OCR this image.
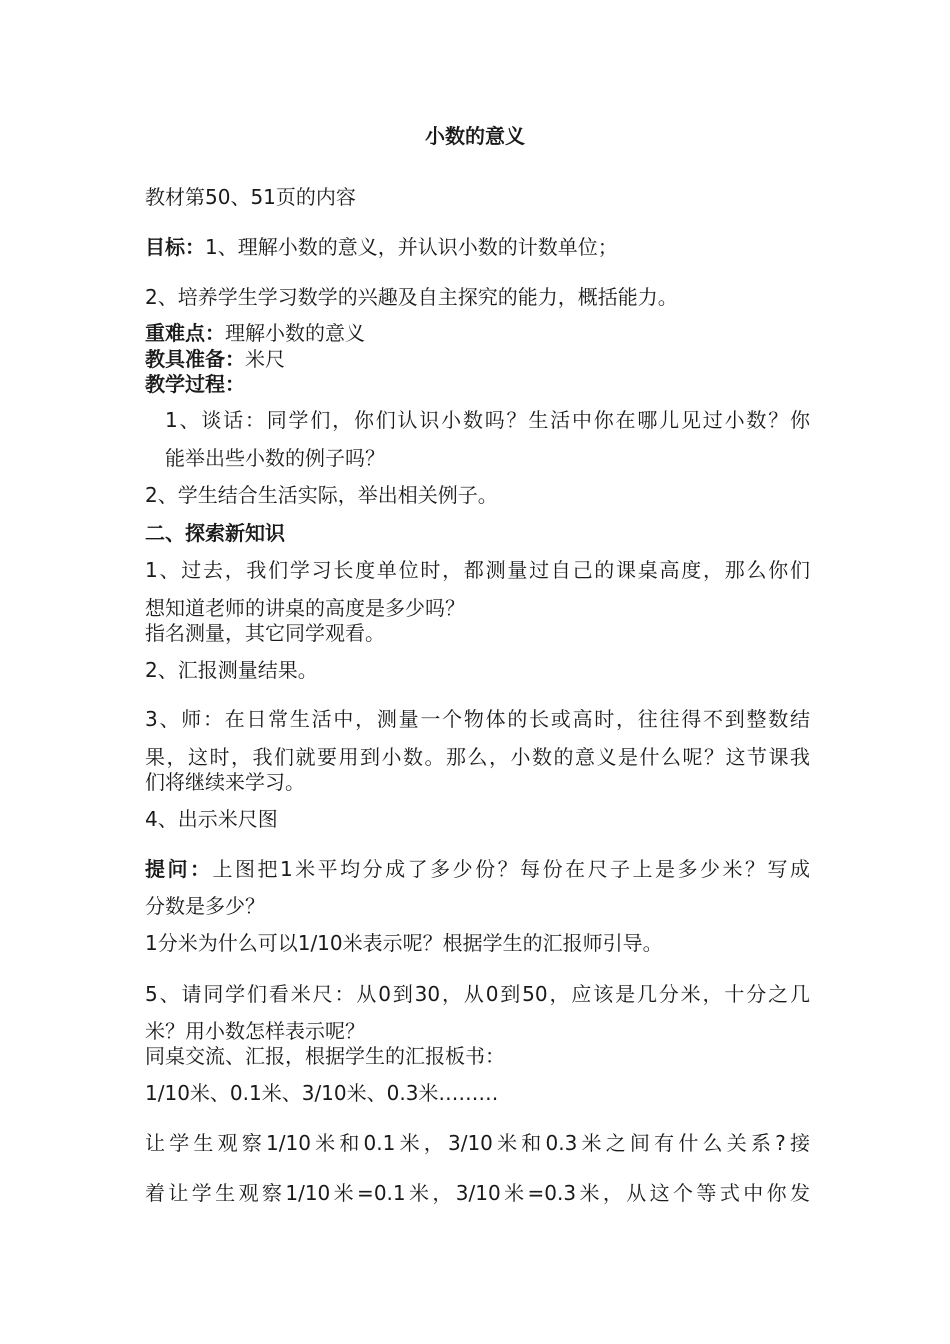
小数的意义
教材第50、51页的内容
目标：1、理解小数的意义，并认识小数的计数单位；
2、培养学生学习数学的兴趣及自主探究的能力，概括能力。
重难点：理解小数的意义
教具准备：米尺
教学过程：
1、谈话：同学们，你们认识小数吗？生活中你在哪儿见过小数？你
能举出些小数的例子吗？
2、学生结合生活实际，举出相关例子。
二、探索新知识
1、过去，我们学习长度单位时，都测量过自己的课桌高度，那么你们
想知道老师的讲桌的高度是多少吗？
指名测量，其它同学观看。
2、汇报测量结果。
3、师：在日常生活中，测量一个物体的长或高时，往往得不到整数结
果，这时，我们就要用到小数。那么，小数的意义是什么呢？这节课我
们将继续来学习。
4、出示米尺图
提问：上图把1米平均分成了多少份？每份在尺子上是多少米？写成
分数是多少？
1分米为什么可以1/10米表示呢？根据学生的汇报师引导。
5、请同学们看米尺：从0到30，从0到50，应该是几分米，十分之几
米？用小数怎样表示呢？
同桌交流、汇报，根据学生的汇报板书：
1/10米、0.1米、3/10米、0.3米………
让学生观察1/10米和0.1米，3/10米和0.3米之间有什么关系?接
着让学生观察1/10米=0.1米，3/10米=0.3米，从这个等式中你发
